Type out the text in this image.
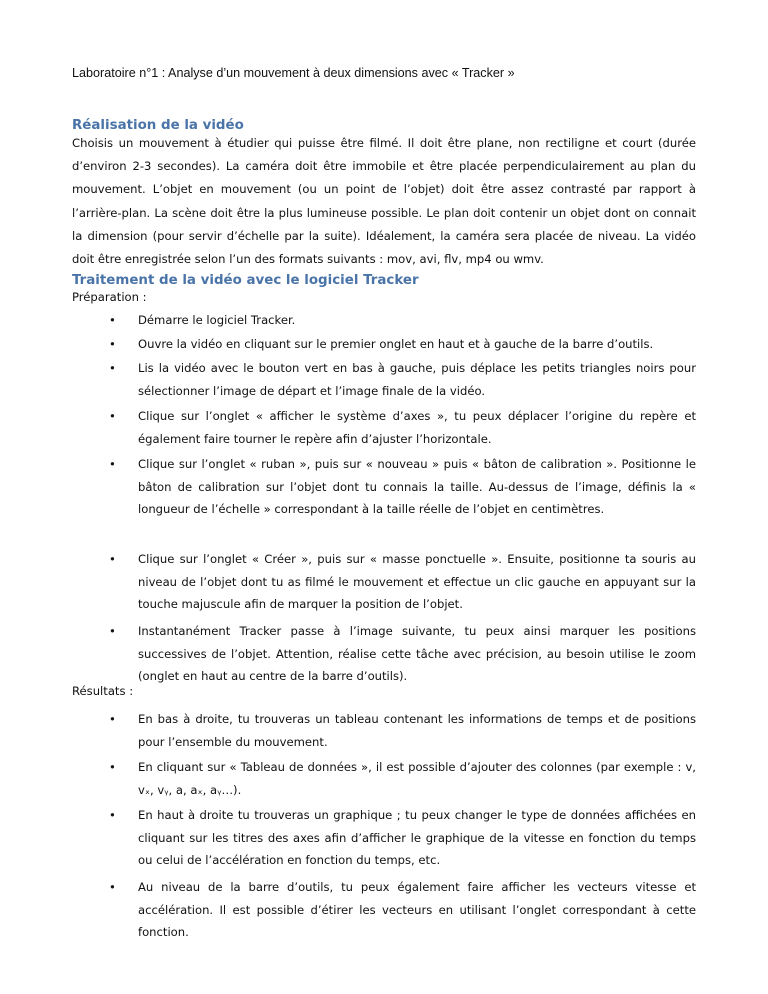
Laboratoire n°1 : Analyse d’un mouvement à deux dimensions avec « Tracker »
Réalisation de la vidéo

Choisis un mouvement à étudier qui puisse être filmé. Il doit être plane, non rectiligne et court (durée d’environ 2-3 secondes). La caméra doit être immobile et être placée perpendiculairement au plan du mouvement. L’objet en mouvement (ou un point de l’objet) doit être assez contrasté par rapport à l’arrière-plan. La scène doit être la plus lumineuse possible. Le plan doit contenir un objet dont on connait la dimension (pour servir d’échelle par la suite). Idéalement, la caméra sera placée de niveau. La vidéo doit être enregistrée selon l’un des formats suivants : mov, avi, flv, mp4 ou wmv.

Traitement de la vidéo avec le logiciel Tracker

Préparation :

• Démarre le logiciel Tracker.

• Ouvre la vidéo en cliquant sur le premier onglet en haut et à gauche de la barre d’outils.

• Lis la vidéo avec le bouton vert en bas à gauche, puis déplace les petits triangles noirs pour sélectionner l’image de départ et l’image finale de la vidéo.

• Clique sur l’onglet « afficher le système d’axes », tu peux déplacer l’origine du repère et également faire tourner le repère afin d’ajuster l’horizontale.

• Clique sur l’onglet « ruban », puis sur « nouveau » puis « bâton de calibration ». Positionne le bâton de calibration sur l’objet dont tu connais la taille. Au-dessus de l’image, définis la « longueur de l’échelle » correspondant à la taille réelle de l’objet en centimètres.

• Clique sur l’onglet « Créer », puis sur « masse ponctuelle ». Ensuite, positionne ta souris au niveau de l’objet dont tu as filmé le mouvement et effectue un clic gauche en appuyant sur la touche majuscule afin de marquer la position de l’objet.

• Instantanément Tracker passe à l’image suivante, tu peux ainsi marquer les positions successives de l’objet. Attention, réalise cette tâche avec précision, au besoin utilise le zoom (onglet en haut au centre de la barre d’outils).

Résultats :

• En bas à droite, tu trouveras un tableau contenant les informations de temps et de positions pour l’ensemble du mouvement.

• En cliquant sur « Tableau de données », il est possible d’ajouter des colonnes (par exemple : v, vₓ, vᵧ, a, aₓ, aᵧ…).

• En haut à droite tu trouveras un graphique ; tu peux changer le type de données affichées en cliquant sur les titres des axes afin d’afficher le graphique de la vitesse en fonction du temps ou celui de l’accélération en fonction du temps, etc.

• Au niveau de la barre d’outils, tu peux également faire afficher les vecteurs vitesse et accélération. Il est possible d’étirer les vecteurs en utilisant l’onglet correspondant à cette fonction.
